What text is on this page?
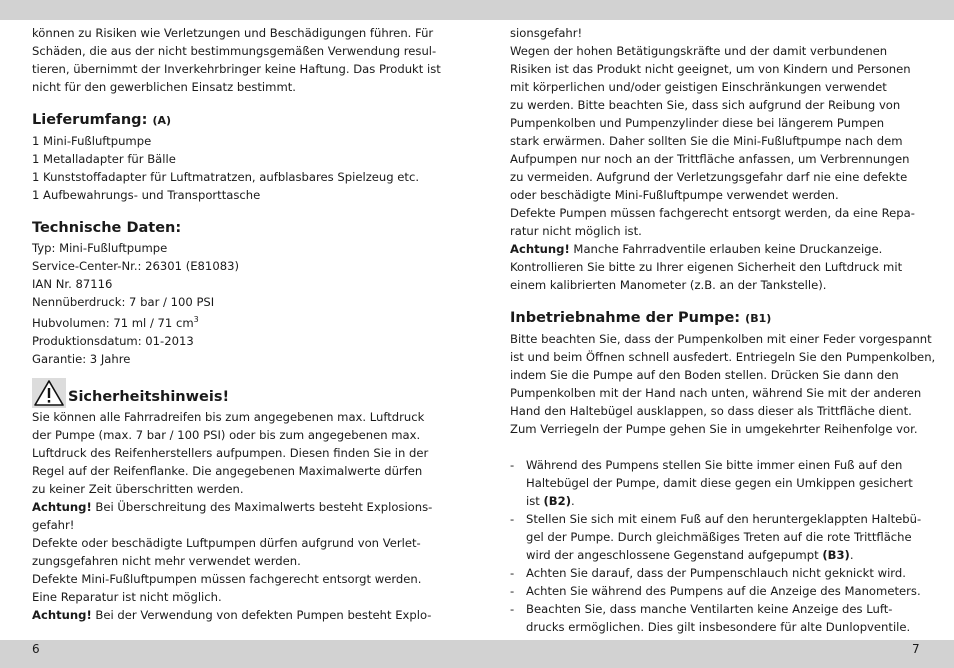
können zu Risiken wie Verletzungen und Beschädigungen führen. Für
Schäden, die aus der nicht bestimmungsgemäßen Verwendung resul-
tieren, übernimmt der Inverkehrbringer keine Haftung. Das Produkt ist
nicht für den gewerblichen Einsatz bestimmt.
Lieferumfang: (A)
1 Mini-Fußluftpumpe
1 Metalladapter für Bälle
1 Kunststoffadapter für Luftmatratzen, aufblasbares Spielzeug etc.
1 Aufbewahrungs- und Transporttasche
Technische Daten:
Typ: Mini-Fußluftpumpe
Service-Center-Nr.: 26301 (E81083)
IAN Nr. 87116
Nennüberdruck: 7 bar / 100 PSI
Hubvolumen: 71 ml / 71 $cm^3$
Produktionsdatum: 01-2013
Garantie: 3 Jahre
Sicherheitshinweis!
Sie können alle Fahrradreifen bis zum angegebenen max. Luftdruck
der Pumpe (max. 7 bar / 100 PSI) oder bis zum angegebenen max.
Luftdruck des Reifenherstellers aufpumpen. Diesen finden Sie in der
Regel auf der Reifenflanke. Die angegebenen Maximalwerte dürfen
zu keiner Zeit überschritten werden.
Achtung! Bei Überschreitung des Maximalwerts besteht Explosions-
gefahr!
Defekte oder beschädigte Luftpumpen dürfen aufgrund von Verlet-
zungsgefahren nicht mehr verwendet werden.
Defekte Mini-Fußluftpumpen müssen fachgerecht entsorgt werden.
Eine Reparatur ist nicht möglich.
Achtung! Bei der Verwendung von defekten Pumpen besteht Explo-
sionsgefahr!
Wegen der hohen Betätigungskräfte und der damit verbundenen
Risiken ist das Produkt nicht geeignet, um von Kindern und Personen
mit körperlichen und/oder geistigen Einschränkungen verwendet
zu werden. Bitte beachten Sie, dass sich aufgrund der Reibung von
Pumpenkolben und Pumpenzylinder diese bei längerem Pumpen
stark erwärmen. Daher sollten Sie die Mini-Fußluftpumpe nach dem
Aufpumpen nur noch an der Trittfläche anfassen, um Verbrennungen
zu vermeiden. Aufgrund der Verletzungsgefahr darf nie eine defekte
oder beschädigte Mini-Fußluftpumpe verwendet werden.
Defekte Pumpen müssen fachgerecht entsorgt werden, da eine Repa-
ratur nicht möglich ist.
Achtung! Manche Fahrradventile erlauben keine Druckanzeige.
Kontrollieren Sie bitte zu Ihrer eigenen Sicherheit den Luftdruck mit
einem kalibrierten Manometer (z.B. an der Tankstelle).
Inbetriebnahme der Pumpe: (B1)
Bitte beachten Sie, dass der Pumpenkolben mit einer Feder vorgespannt
ist und beim Öffnen schnell ausfedert. Entriegeln Sie den Pumpenkolben,
indem Sie die Pumpe auf den Boden stellen. Drücken Sie dann den
Pumpenkolben mit der Hand nach unten, während Sie mit der anderen
Hand den Haltebügel ausklappen, so dass dieser als Trittfläche dient.
Zum Verriegeln der Pumpe gehen Sie in umgekehrter Reihenfolge vor.
- Während des Pumpens stellen Sie bitte immer einen Fuß auf den
Haltebügel der Pumpe, damit diese gegen ein Umkippen gesichert
ist (B2).
- Stellen Sie sich mit einem Fuß auf den heruntergeklappten Haltebü-
gel der Pumpe. Durch gleichmäßiges Treten auf die rote Trittfläche
wird der angeschlossene Gegenstand aufgepumpt (B3).
- Achten Sie darauf, dass der Pumpenschlauch nicht geknickt wird.
- Achten Sie während des Pumpens auf die Anzeige des Manometers.
- Beachten Sie, dass manche Ventilarten keine Anzeige des Luft-
drucks ermöglichen. Dies gilt insbesondere für alte Dunlopventile.
6	7
